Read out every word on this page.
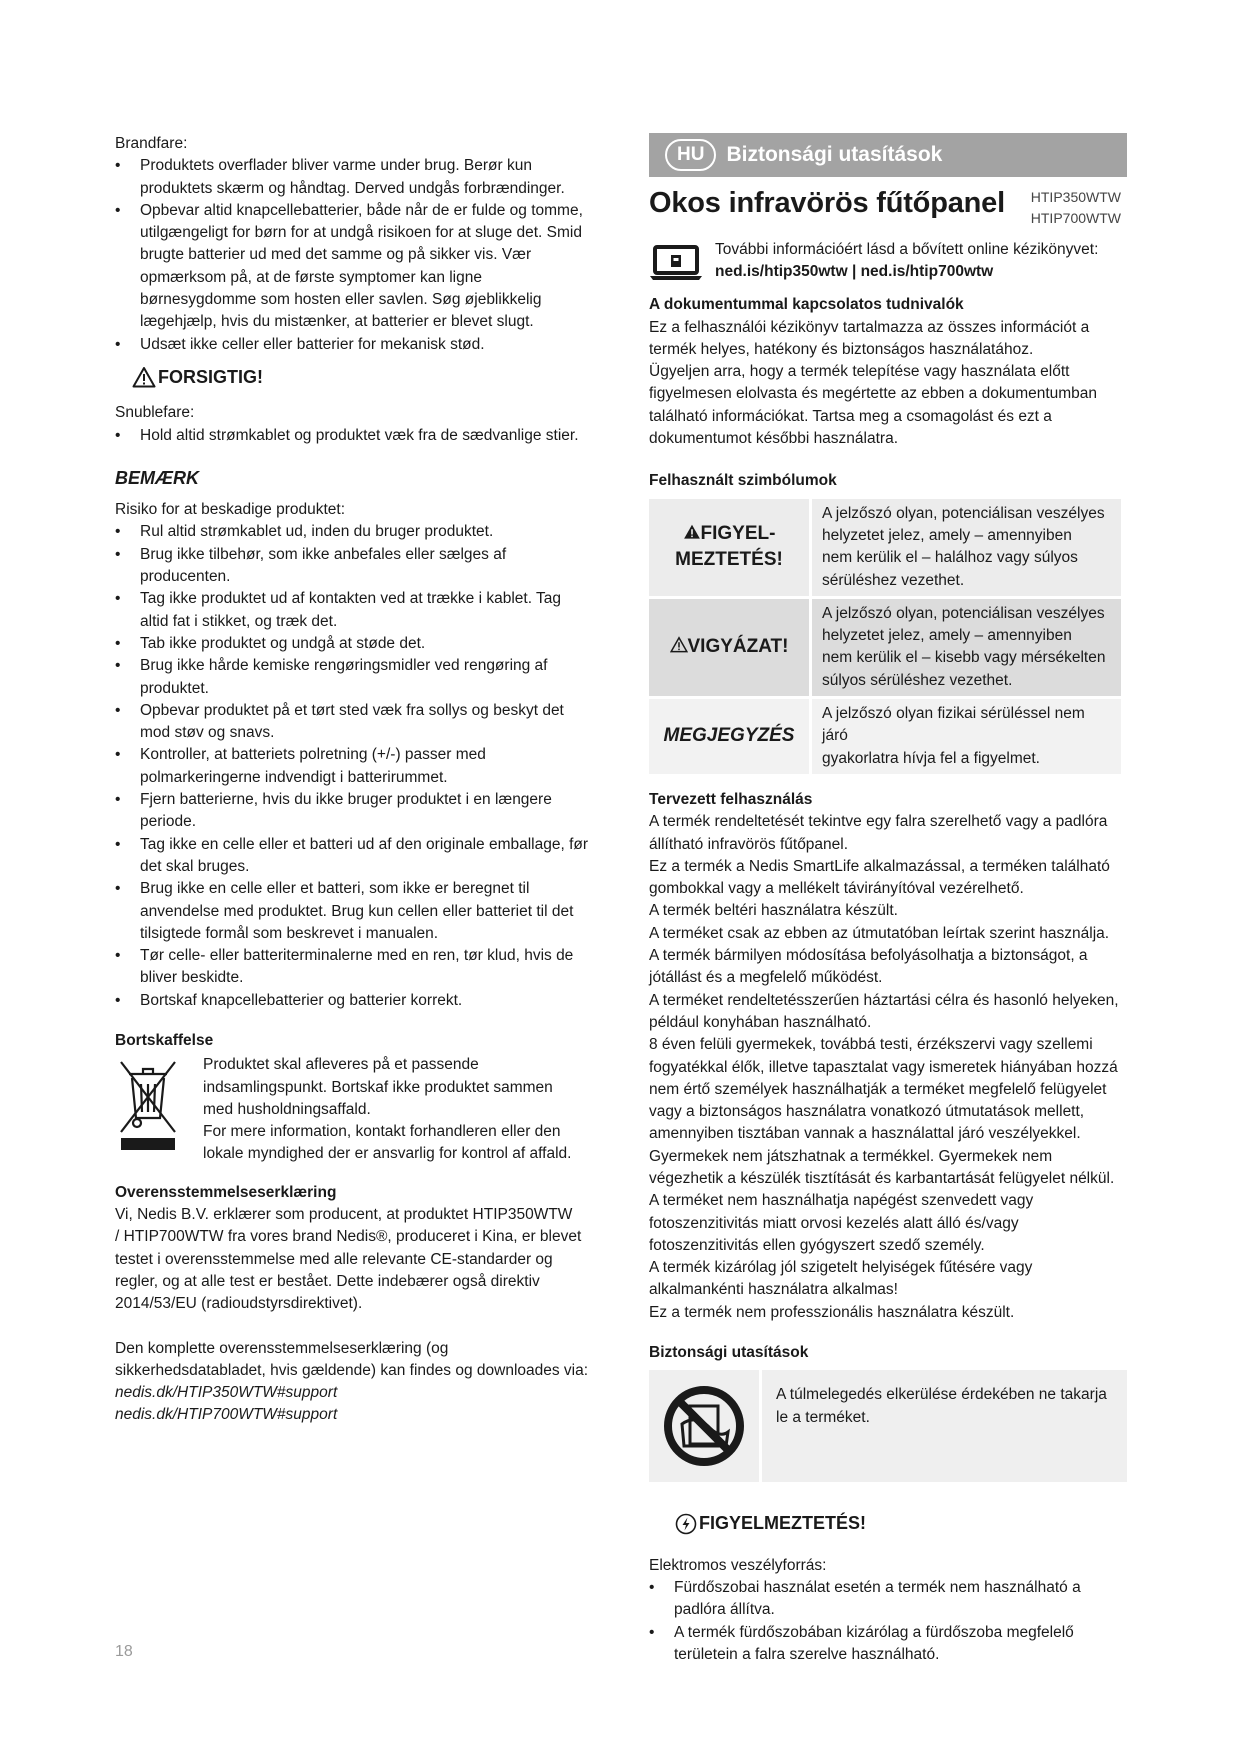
Brandfare:

• Produktets overflader bliver varme under brug. Berør kun
produktets skærm og håndtag. Derved undgås forbrændinger.
• Opbevar altid knapcellebatterier, både når de er fulde og tomme,
utilgængeligt for børn for at undgå risikoen for at sluge det. Smid
brugte batterier ud med det samme og på sikker vis. Vær
opmærksom på, at de første symptomer kan ligne
børnesygdomme som hosten eller savlen. Søg øjeblikkelig
lægehjælp, hvis du mistænker, at batterier er blevet slugt.
• Udsæt ikke celler eller batterier for mekanisk stød.
FORSIGTIG!

Snublefare:

• Hold altid strømkablet og produktet væk fra de sædvanlige stier.
BEMÆRK

Risiko for at beskadige produktet:

• Rul altid strømkablet ud, inden du bruger produktet.
• Brug ikke tilbehør, som ikke anbefales eller sælges af
producenten.
• Tag ikke produktet ud af kontakten ved at trække i kablet. Tag
altid fat i stikket, og træk det.
• Tab ikke produktet og undgå at støde det.
• Brug ikke hårde kemiske rengøringsmidler ved rengøring af
produktet.
• Opbevar produktet på et tørt sted væk fra sollys og beskyt det
mod støv og snavs.
• Kontroller, at batteriets polretning (+/-) passer med
polmarkeringerne indvendigt i batterirummet.
• Fjern batterierne, hvis du ikke bruger produktet i en længere
periode.
• Tag ikke en celle eller et batteri ud af den originale emballage, før
det skal bruges.
• Brug ikke en celle eller et batteri, som ikke er beregnet til
anvendelse med produktet. Brug kun cellen eller batteriet til det
tilsigtede formål som beskrevet i manualen.
• Tør celle- eller batteriterminalerne med en ren, tør klud, hvis de
bliver beskidte.
• Bortskaf knapcellebatterier og batterier korrekt.

Bortskaffelse

Produktet skal afleveres på et passende
indsamlingspunkt. Bortskaf ikke produktet sammen
med husholdningsaffald.
For mere information, kontakt forhandleren eller den
lokale myndighed der er ansvarlig for kontrol af affald.

Overensstemmelseserklæring

Vi, Nedis B.V. erklærer som producent, at produktet HTIP350WTW
/ HTIP700WTW fra vores brand Nedis®, produceret i Kina, er blevet
testet i overensstemmelse med alle relevante CE-standarder og
regler, og at alle test er bestået. Dette indebærer også direktiv
2014/53/EU (radioudstyrsdirektivet).
Den komplette overensstemmelseserklæring (og
sikkerhedsdatabladet, hvis gældende) kan findes og downloades via:
nedis.dk/HTIP350WTW#support
nedis.dk/HTIP700WTW#support
HU	Biztonsági utasítások
Okos infravörös fűtőpanel HTIP350WTW
HTIP700WTW
További információért lásd a bővített online kézikönyvet:
ned.is/htip350wtw | ned.is/htip700wtw

A dokumentummal kapcsolatos tudnivalók

Ez a felhasználói kézikönyv tartalmazza az összes információt a
termék helyes, hatékony és biztonságos használatához.
Ügyeljen arra, hogy a termék telepítése vagy használata előtt
figyelmesen elolvasta és megértette az ebben a dokumentumban
található információkat. Tartsa meg a csomagolást és ezt a
dokumentumot későbbi használatra.

Felhasznált szimbólumok

FIGYEL-
MEZTETÉS!	A jelzőszó olyan, potenciálisan veszélyes
helyzetet jelez, amely – amennyiben
nem kerülik el – halálhoz vagy súlyos
sérüléshez vezethet.

VIGYÁZAT!	A jelzőszó olyan, potenciálisan veszélyes
helyzetet jelez, amely – amennyiben
nem kerülik el – kisebb vagy mérsékelten
súlyos sérüléshez vezethet.

MEGJEGYZÉS	A jelzőszó olyan fizikai sérüléssel nem járó
gyakorlatra hívja fel a figyelmet.

Tervezett felhasználás

A termék rendeltetését tekintve egy falra szerelhető vagy a padlóra
állítható infravörös fűtőpanel.
Ez a termék a Nedis SmartLife alkalmazással, a terméken található
gombokkal vagy a mellékelt távirányítóval vezérelhető.
A termék beltéri használatra készült.
A terméket csak az ebben az útmutatóban leírtak szerint használja.
A termék bármilyen módosítása befolyásolhatja a biztonságot, a
jótállást és a megfelelő működést.
A terméket rendeltetésszerűen háztartási célra és hasonló helyeken,
például konyhában használható.
8 éven felüli gyermekek, továbbá testi, érzékszervi vagy szellemi
fogyatékkal élők, illetve tapasztalat vagy ismeretek hiányában hozzá
nem értő személyek használhatják a terméket megfelelő felügyelet
vagy a biztonságos használatra vonatkozó útmutatások mellett,
amennyiben tisztában vannak a használattal járó veszélyekkel.
Gyermekek nem játszhatnak a termékkel. Gyermekek nem
végezhetik a készülék tisztítását és karbantartását felügyelet nélkül.
A terméket nem használhatja napégést szenvedett vagy
fotoszenzitivitás miatt orvosi kezelés alatt álló és/vagy
fotoszenzitivitás ellen gyógyszert szedő személy.
A termék kizárólag jól szigetelt helyiségek fűtésére vagy
alkalmankénti használatra alkalmas!
Ez a termék nem professzionális használatra készült.

Biztonsági utasítások

A túlmelegedés elkerülése érdekében ne takarja
le a terméket.
FIGYELMEZTETÉS!

Elektromos veszélyforrás:

• Fürdőszobai használat esetén a termék nem használható a
padlóra állítva.
• A termék fürdőszobában kizárólag a fürdőszoba megfelelő
területein a falra szerelve használható.
18
